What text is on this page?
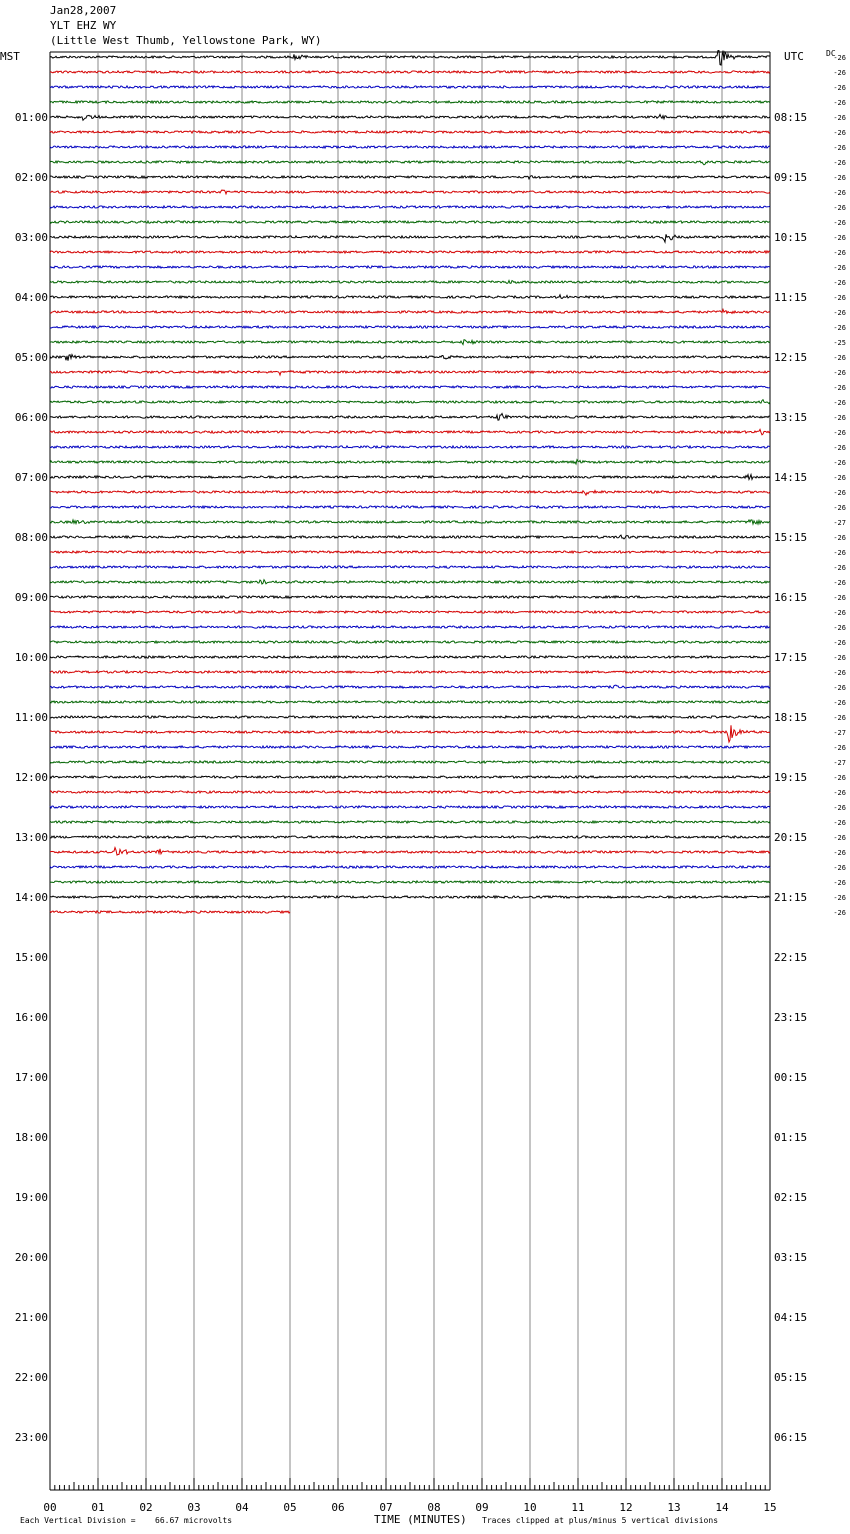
Jan28,2007
YLT EHZ WY
(Little West Thumb, Yellowstone Park, WY)
MST	UTC	DC
00	01	02	03	04	05	06	07	08	09	10	11	12	13	14	15
01:00
02:00
03:00
04:00
05:00
06:00
07:00
08:00
09:00
10:00
11:00
12:00
13:00
14:00
15:00
16:00
17:00
18:00
19:00
20:00
21:00
22:00
23:00
08:15
09:15
10:15
11:15
12:15
13:15
14:15
15:15
16:15
17:15
18:15
19:15
20:15
21:15
22:15
23:15
00:15
01:15
02:15
03:15
04:15
05:15
06:15
-26
-26
-26
-26
-26
-26
-26
-26
-26
-26
-26
-26
-26
-26
-26
-26
-26
-26
-26
-25
-26
-26
-26
-26
-26
-26
-26
-26
-26
-26
-26
-27
-26
-26
-26
-26
-26
-26
-26
-26
-26
-26
-26
-26
-26
-27
-26
-27
-26
-26
-26
-26
-26
-26
-26
-26
-26
-26
Each Vertical Division = 66.67 microvolts	TIME (MINUTES) Traces clipped at plus/minus 5 vertical divisions
